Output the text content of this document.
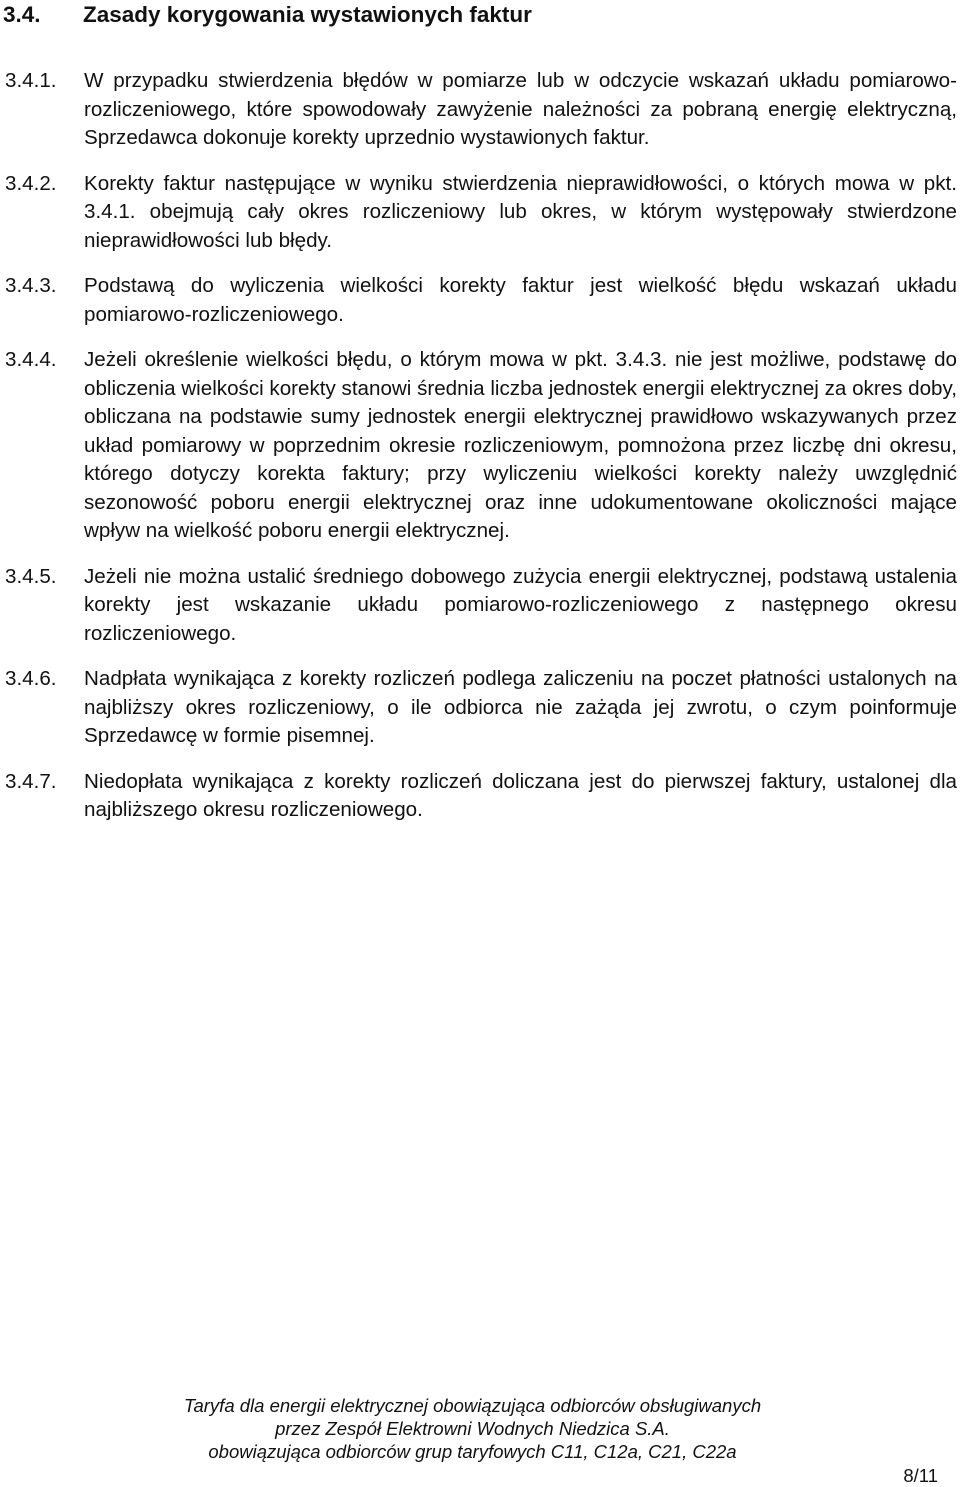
3.4. Zasady korygowania wystawionych faktur
3.4.1. W przypadku stwierdzenia błędów w pomiarze lub w odczycie wskazań układu pomiarowo-rozliczeniowego, które spowodowały zawyżenie należności za pobraną energię elektryczną, Sprzedawca dokonuje korekty uprzednio wystawionych faktur.
3.4.2. Korekty faktur następujące w wyniku stwierdzenia nieprawidłowości, o których mowa w pkt. 3.4.1. obejmują cały okres rozliczeniowy lub okres, w którym występowały stwierdzone nieprawidłowości lub błędy.
3.4.3. Podstawą do wyliczenia wielkości korekty faktur jest wielkość błędu wskazań układu pomiarowo-rozliczeniowego.
3.4.4. Jeżeli określenie wielkości błędu, o którym mowa w pkt. 3.4.3. nie jest możliwe, podstawę do obliczenia wielkości korekty stanowi średnia liczba jednostek energii elektrycznej za okres doby, obliczana na podstawie sumy jednostek energii elektrycznej prawidłowo wskazywanych przez układ pomiarowy w poprzednim okresie rozliczeniowym, pomnożona przez liczbę dni okresu, którego dotyczy korekta faktury; przy wyliczeniu wielkości korekty należy uwzględnić sezonowość poboru energii elektrycznej oraz inne udokumentowane okoliczności mające wpływ na wielkość poboru energii elektrycznej.
3.4.5. Jeżeli nie można ustalić średniego dobowego zużycia energii elektrycznej, podstawą ustalenia korekty jest wskazanie układu pomiarowo-rozliczeniowego z następnego okresu rozliczeniowego.
3.4.6. Nadpłata wynikająca z korekty rozliczeń podlega zaliczeniu na poczet płatności ustalonych na najbliższy okres rozliczeniowy, o ile odbiorca nie zażąda jej zwrotu, o czym poinformuje Sprzedawcę w formie pisemnej.
3.4.7. Niedopłata wynikająca z korekty rozliczeń doliczana jest do pierwszej faktury, ustalonej dla najbliższego okresu rozliczeniowego.
Taryfa dla energii elektrycznej obowiązująca odbiorców obsługiwanych
przez Zespół Elektrowni Wodnych Niedzica S.A.
obowiązująca odbiorców grup taryfowych C11, C12a, C21, C22a
8/11
